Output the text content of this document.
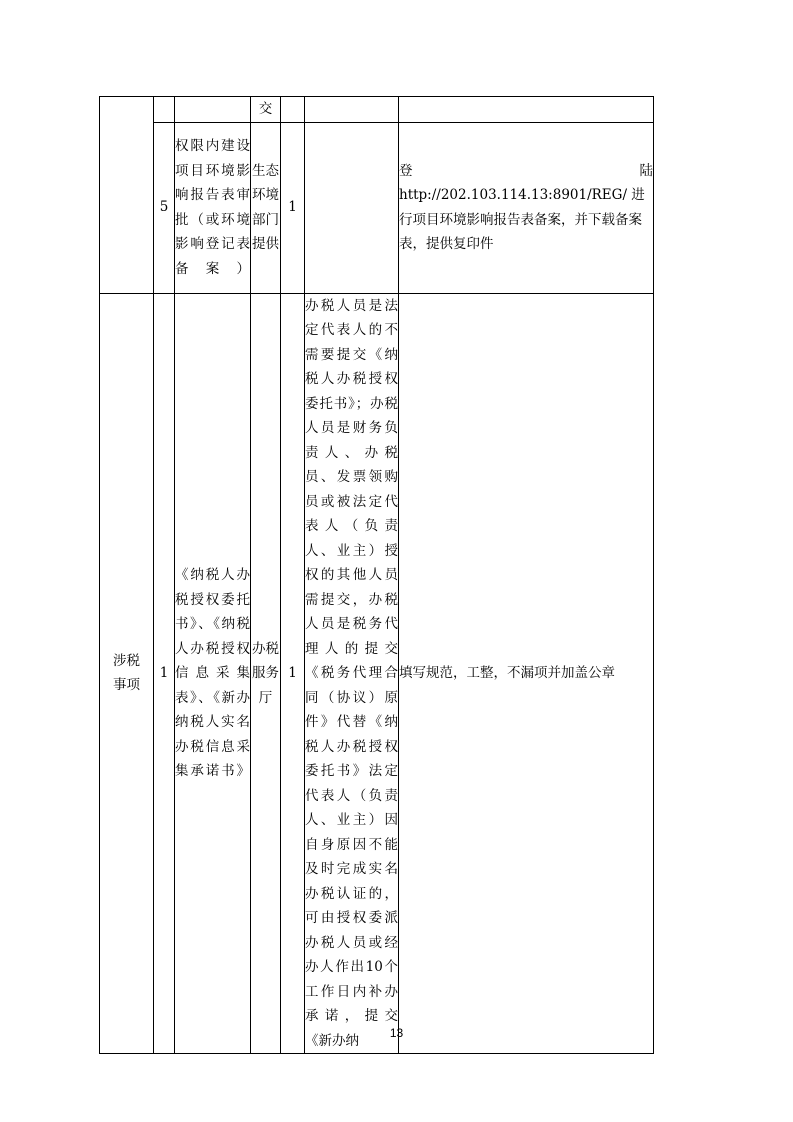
			交			
	5	权限内建设项目环境影响报告表审批（或环境影响登记表备案）	生态环境部门提供	1		登 陆
http://202.103.114.13:8901/REG/ 进行项目环境影响报告表备案，并下载备案表，提供复印件

涉税
事项	1	《纳税人办税授权委托书》、《纳税人办税授权信息采集表》、《新办纳税人实名办税信息采集承诺书》	办税服务厅	1	办税人员是法定代表人的不需要提交《纳税人办税授权委托书》；办税人员是财务负责人、办税员、发票领购员或被法定代表人（负责人、业主）授权的其他人员需提交，办税人员是税务代理人的提交《税务代理合同（协议）原件》代替《纳税人办税授权委托书》法定代表人（负责人、业主）因自身原因不能及时完成实名办税认证的，可由授权委派办税人员或经办人作出10个工作日内补办承诺，提交《新办纳	填写规范，工整，不漏项并加盖公章
13
